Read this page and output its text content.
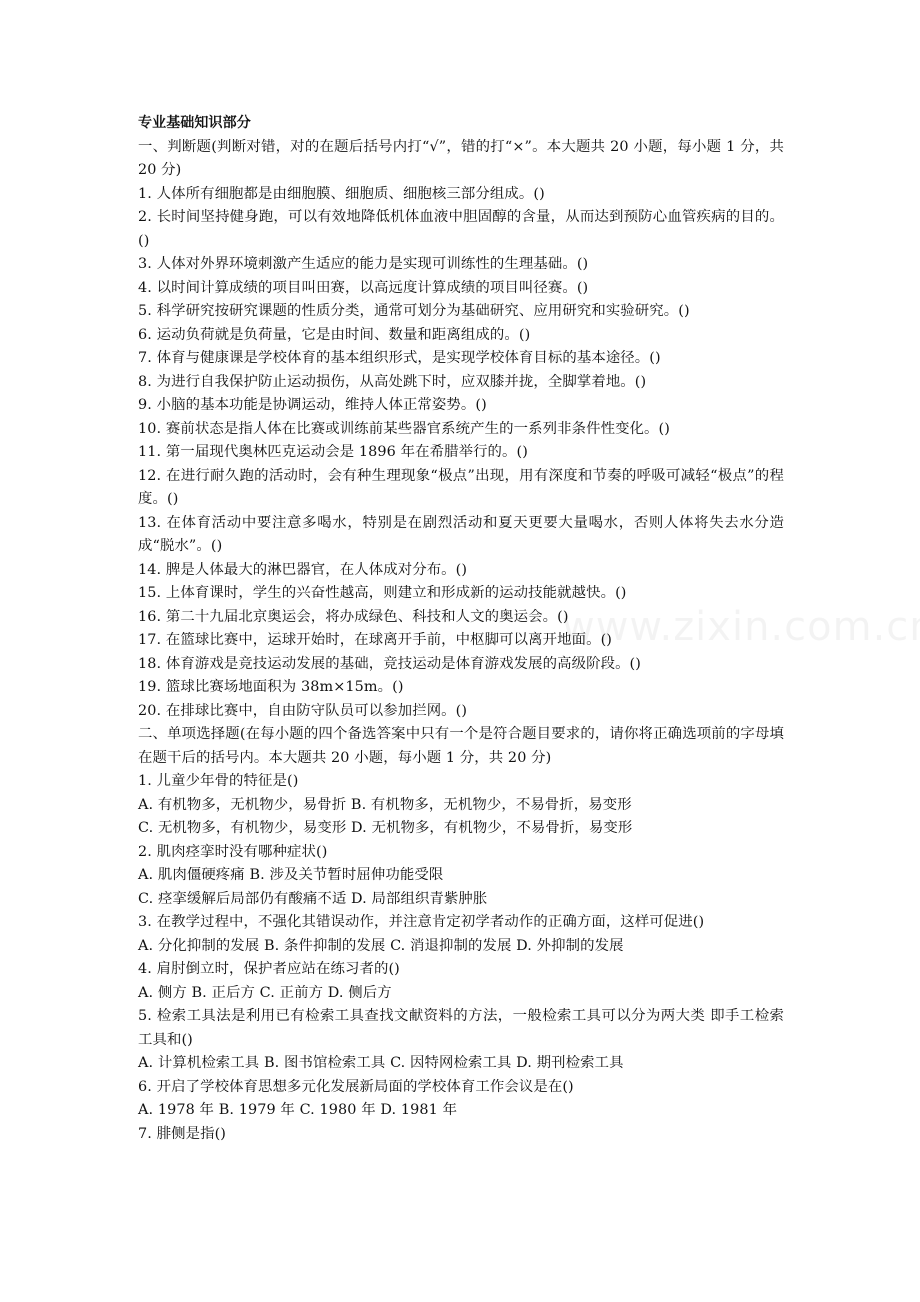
专业基础知识部分
一、判断题(判断对错，对的在题后括号内打“√”，错的打“×”。本大题共 20 小题，每小题 1 分，共 20 分)
1. 人体所有细胞都是由细胞膜、细胞质、细胞核三部分组成。()
2. 长时间坚持健身跑，可以有效地降低机体血液中胆固醇的含量，从而达到预防心血管疾病的目的。()
3. 人体对外界环境刺激产生适应的能力是实现可训练性的生理基础。()
4. 以时间计算成绩的项目叫田赛，以高远度计算成绩的项目叫径赛。()
5. 科学研究按研究课题的性质分类，通常可划分为基础研究、应用研究和实验研究。()
6. 运动负荷就是负荷量，它是由时间、数量和距离组成的。()
7. 体育与健康课是学校体育的基本组织形式，是实现学校体育目标的基本途径。()
8. 为进行自我保护防止运动损伤，从高处跳下时，应双膝并拢，全脚掌着地。()
9. 小脑的基本功能是协调运动，维持人体正常姿势。()
10. 赛前状态是指人体在比赛或训练前某些器官系统产生的一系列非条件性变化。()
11. 第一届现代奥林匹克运动会是 1896 年在希腊举行的。()
12. 在进行耐久跑的活动时，会有种生理现象“极点”出现，用有深度和节奏的呼吸可减轻“极点”的程度。()
13. 在体育活动中要注意多喝水，特别是在剧烈活动和夏天更要大量喝水，否则人体将失去水分造成“脱水”。()
14. 脾是人体最大的淋巴器官，在人体成对分布。()
15. 上体育课时，学生的兴奋性越高，则建立和形成新的运动技能就越快。()
16. 第二十九届北京奥运会，将办成绿色、科技和人文的奥运会。()
17. 在篮球比赛中，运球开始时，在球离开手前，中枢脚可以离开地面。()
18. 体育游戏是竞技运动发展的基础，竞技运动是体育游戏发展的高级阶段。()
19. 篮球比赛场地面积为 38m×15m。()
20. 在排球比赛中，自由防守队员可以参加拦网。()
二、单项选择题(在每小题的四个备选答案中只有一个是符合题目要求的，请你将正确选项前的字母填在题干后的括号内。本大题共 20 小题，每小题 1 分，共 20 分)
1. 儿童少年骨的特征是()
A. 有机物多，无机物少，易骨折 B. 有机物多，无机物少，不易骨折，易变形
C. 无机物多，有机物少，易变形 D. 无机物多，有机物少，不易骨折，易变形
2. 肌肉痉挛时没有哪种症状()
A. 肌肉僵硬疼痛 B. 涉及关节暂时屈伸功能受限
C. 痉挛缓解后局部仍有酸痛不适 D. 局部组织青紫肿胀
3. 在教学过程中，不强化其错误动作，并注意肯定初学者动作的正确方面，这样可促进()
A. 分化抑制的发展 B. 条件抑制的发展 C. 消退抑制的发展 D. 外抑制的发展
4. 肩肘倒立时，保护者应站在练习者的()
A. 侧方 B. 正后方 C. 正前方 D. 侧后方
5. 检索工具法是利用已有检索工具查找文献资料的方法，一般检索工具可以分为两大类 即手工检索工具和()
A. 计算机检索工具 B. 图书馆检索工具 C. 因特网检索工具 D. 期刊检索工具
6. 开启了学校体育思想多元化发展新局面的学校体育工作会议是在()
A. 1978 年 B. 1979 年 C. 1980 年 D. 1981 年
7. 腓侧是指()
